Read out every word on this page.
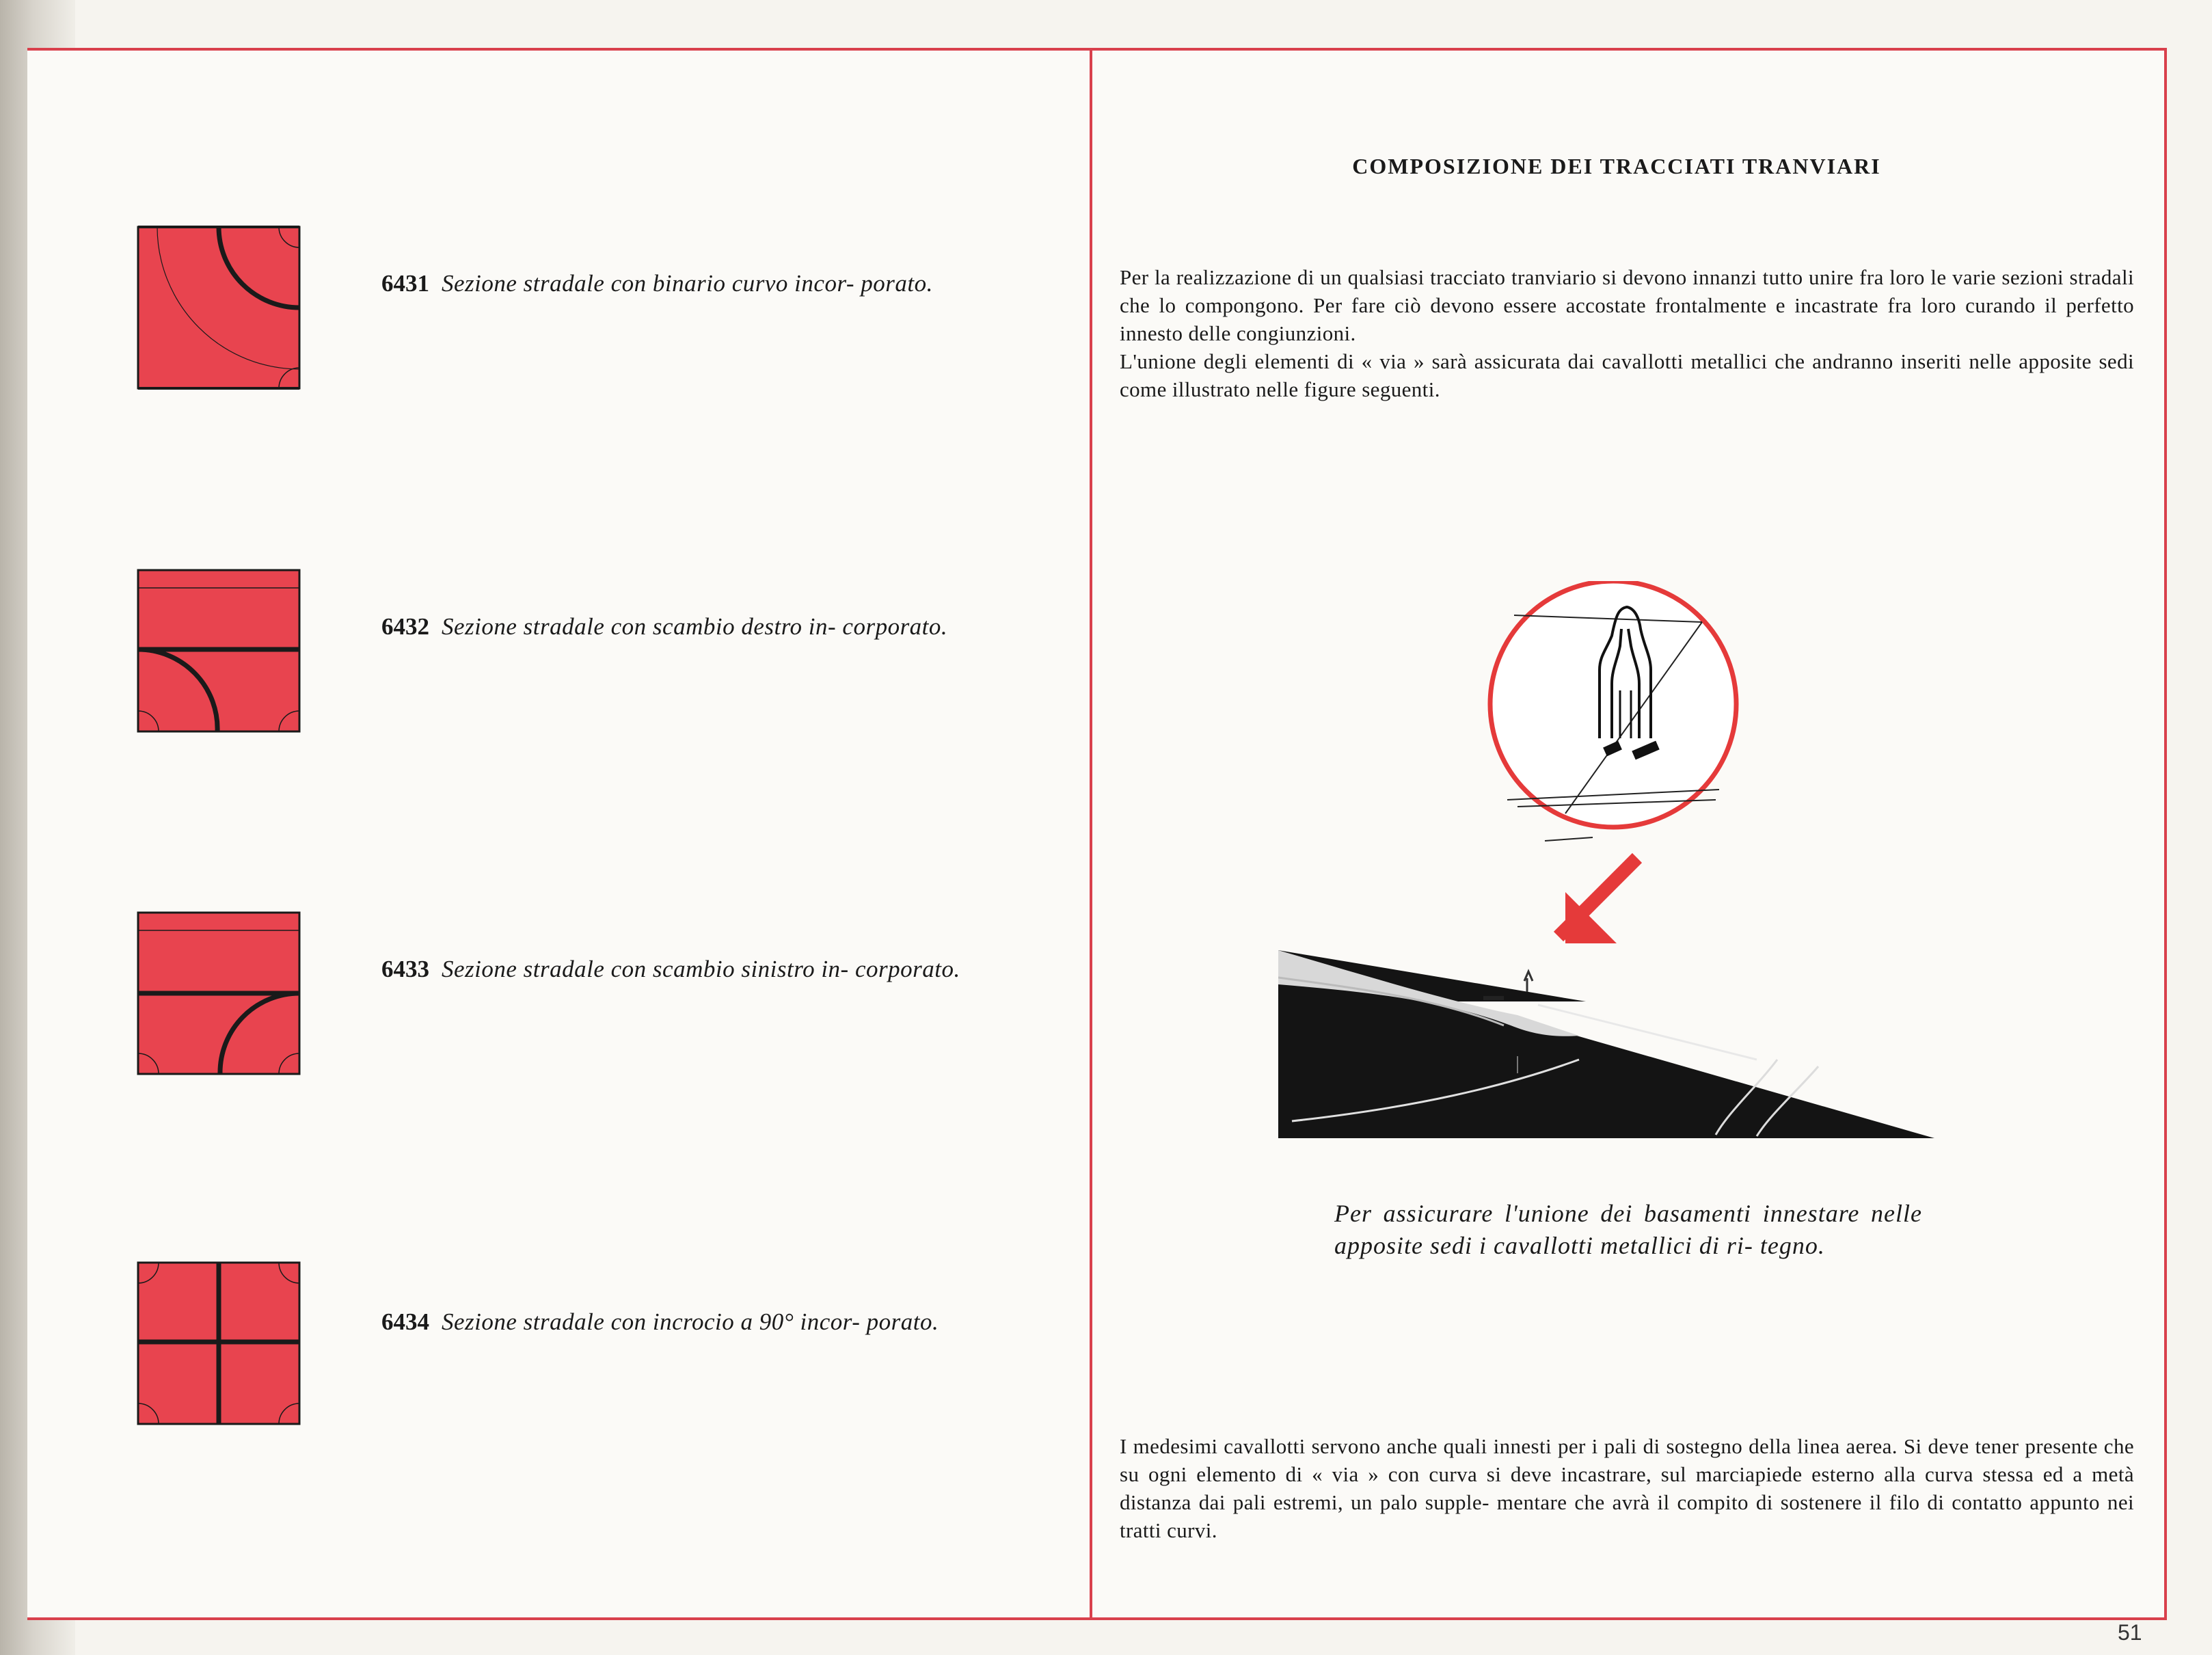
6431 Sezione stradale con binario curvo incor- porato.
6432 Sezione stradale con scambio destro in- corporato.
6433 Sezione stradale con scambio sinistro in- corporato.
6434 Sezione stradale con incrocio a 90° incor- porato.
COMPOSIZIONE DEI TRACCIATI TRANVIARI

Per la realizzazione di un qualsiasi tracciato tranviario si devono innanzi tutto unire fra loro le varie sezioni stradali che lo compongono. Per fare ciò devono essere accostate frontalmente e incastrate fra loro curando il perfetto innesto delle congiunzioni.

L'unione degli elementi di « via » sarà assicurata dai cavallotti metallici che andranno inseriti nelle apposite sedi come illustrato nelle figure seguenti.

Per assicurare l'unione dei basamenti innestare nelle apposite sedi i cavallotti metallici di ri- tegno.
I medesimi cavallotti servono anche quali innesti per i pali di sostegno della linea aerea. Si deve tener presente che su ogni elemento di « via » con curva si deve incastrare, sul marciapiede esterno alla curva stessa ed a metà distanza dai pali estremi, un palo supple- mentare che avrà il compito di sostenere il filo di contatto appunto nei tratti curvi.
51
